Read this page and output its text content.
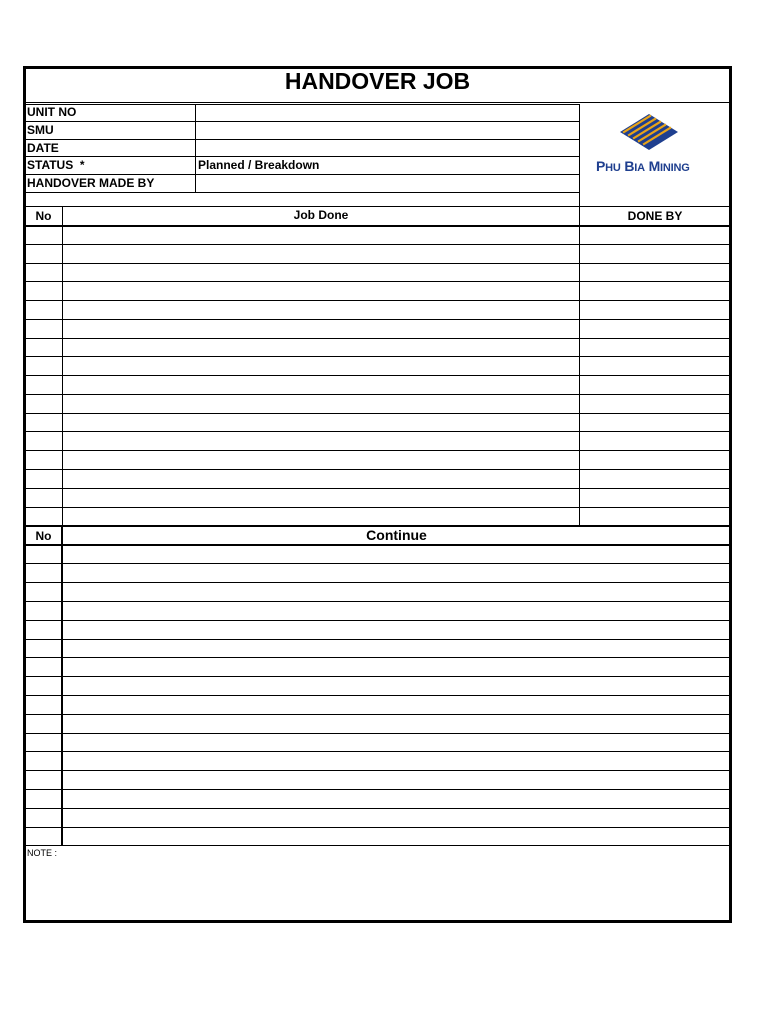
HANDOVER JOB
UNIT NO
SMU
DATE
STATUS  *	Planned / Breakdown
HANDOVER MADE BY
PHU BIA MINING
No	Job Done	DONE BY
No	Continue
NOTE :
